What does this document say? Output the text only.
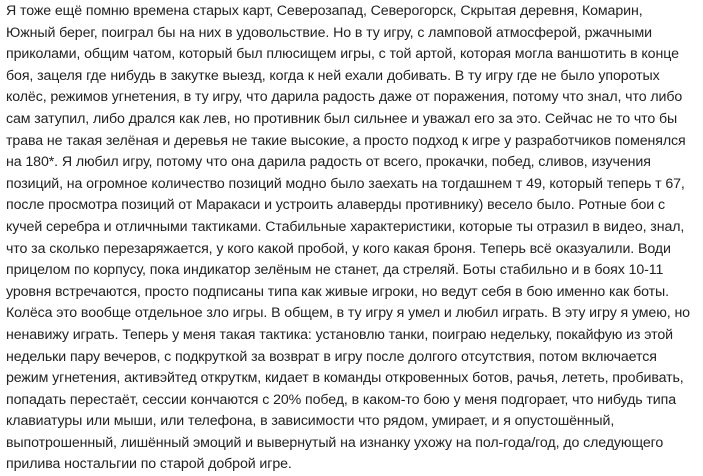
Я тоже ещё помню времена старых карт, Северозапад, Северогорск, Скрытая деревня, Комарин,
Южный берег, поиграл бы на них в удовольствие. Но в ту игру, с ламповой атмосферой, ржачными
приколами, общим чатом, который был плюсищем игры, с той артой, которая могла ваншотить в конце
боя, зацеля где нибудь в закутке выезд, когда к ней ехали добивать. В ту игру где не было упоротых
колёс, режимов угнетения, в ту игру, что дарила радость даже от поражения, потому что знал, что либо
сам затупил, либо дрался как лев, но противник был сильнее и уважал его за это. Сейчас не то что бы
трава не такая зелёная и деревья не такие высокие, а просто подход к игре у разработчиков поменялся
на 180*. Я любил игру, потому что она дарила радость от всего, прокачки, побед, сливов, изучения
позиций, на огромное количество позиций модно было заехать на тогдашнем т 49, который теперь т 67,
после просмотра позиций от Маракаси и устроить алаверды противнику) весело было. Ротные бои с
кучей серебра и отличными тактиками. Стабильные характеристики, которые ты отразил в видео, знал,
что за сколько перезаряжается, у кого какой пробой, у кого какая броня. Теперь всё оказуалили. Води
прицелом по корпусу, пока индикатор зелёным не станет, да стреляй. Боты стабильно и в боях 10-11
уровня встречаются, просто подписаны типа как живые игроки, но ведут себя в бою именно как боты.
Колёса это вообще отдельное зло игры. В общем, в ту игру я умел и любил играть. В эту игру я умею, но
ненавижу играть. Теперь у меня такая тактика: установлю танки, поиграю недельку, покайфую из этой
недельки пару вечеров, с подкруткой за возврат в игру после долгого отсутствия, потом включается
режим угнетения, активэйтед откруткм, кидает в команды откровенных ботов, рачья, лететь, пробивать,
попадать перестаёт, сессии кончаются с 20% побед, в каком-то бою у меня подгорает, что нибудь типа
клавиатуры или мыши, или телефона, в зависимости что рядом, умирает, и я опустошённый,
выпотрошенный, лишённый эмоций и вывернутый на изнанку ухожу на пол-года/год, до следующего
прилива ностальгии по старой доброй игре.
